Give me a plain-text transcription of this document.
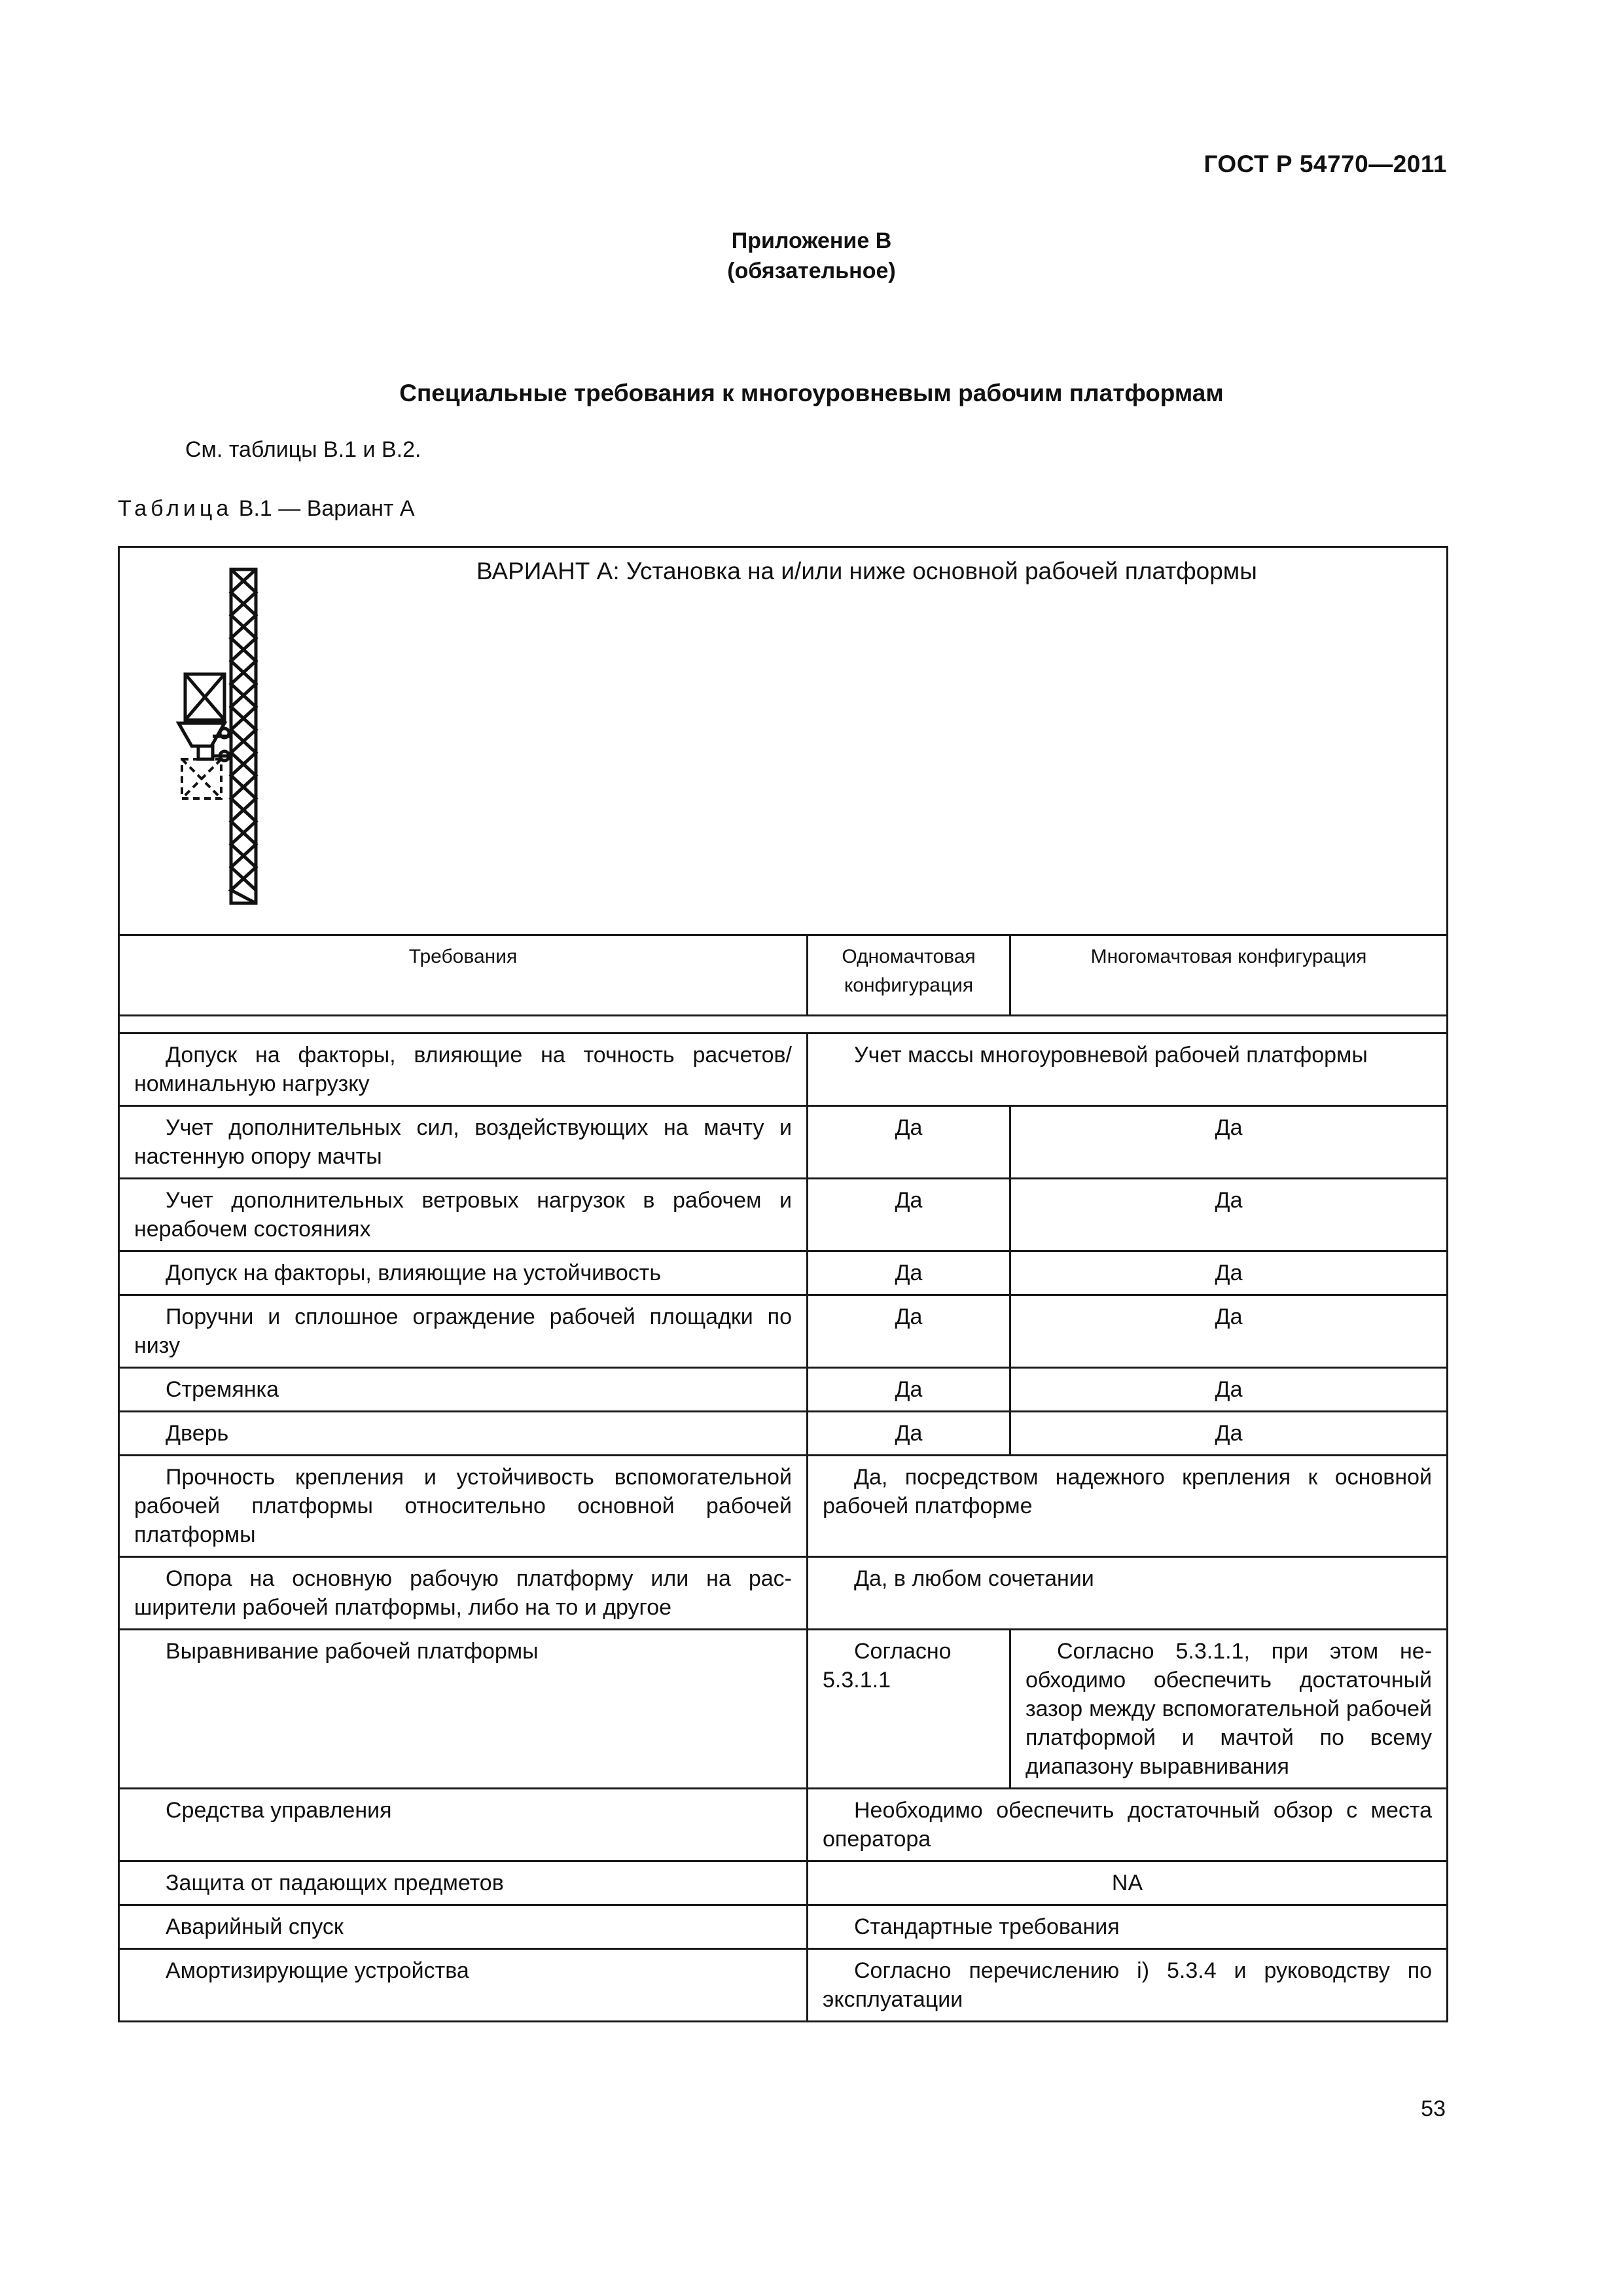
ГОСТ Р 54770—2011
Приложение В
(обязательное)
Специальные требования к многоуровневым рабочим платформам
См. таблицы В.1 и В.2.
Таблица В.1 — Вариант А
ВАРИАНТ А: Установка на и/или ниже основной рабочей платформы		

Требования	Одномачтовая конфигурация	Многомачтовая конфигурация

Допуск на факторы, влияющие на точность расчетов/ номинальную нагрузку	Учет массы многоуровневой рабочей платформы	
Учет дополнительных сил, воздействующих на мачту и настенную опору мачты	Да	Да
Учет дополнительных ветровых нагрузок в рабочем и нерабочем состояниях	Да	Да
Допуск на факторы, влияющие на устойчивость	Да	Да
Поручни и сплошное ограждение рабочей площадки по низу	Да	Да
Стремянка	Да	Да
Дверь	Да	Да
Прочность крепления и устойчивость вспомогательной рабочей платформы относительно основной рабочей платформы	Да, посредством надежного крепления к основной рабочей платформе	
Опора на основную рабочую платформу или на расширители рабочей платформы, либо на то и другое	Да, в любом сочетании	
Выравнивание рабочей платформы	Согласно 5.3.1.1	Согласно 5.3.1.1, при этом необходимо обеспечить достаточный зазор между вспомогательной рабочей платформой и мачтой по всему диапазону выравнивания
Средства управления	Необходимо обеспечить достаточный обзор с места оператора	
Защита от падающих предметов	NA	
Аварийный спуск	Стандартные требования	
Амортизирующие устройства	Согласно перечислению i) 5.3.4 и руководству по эксплуатации	
53
